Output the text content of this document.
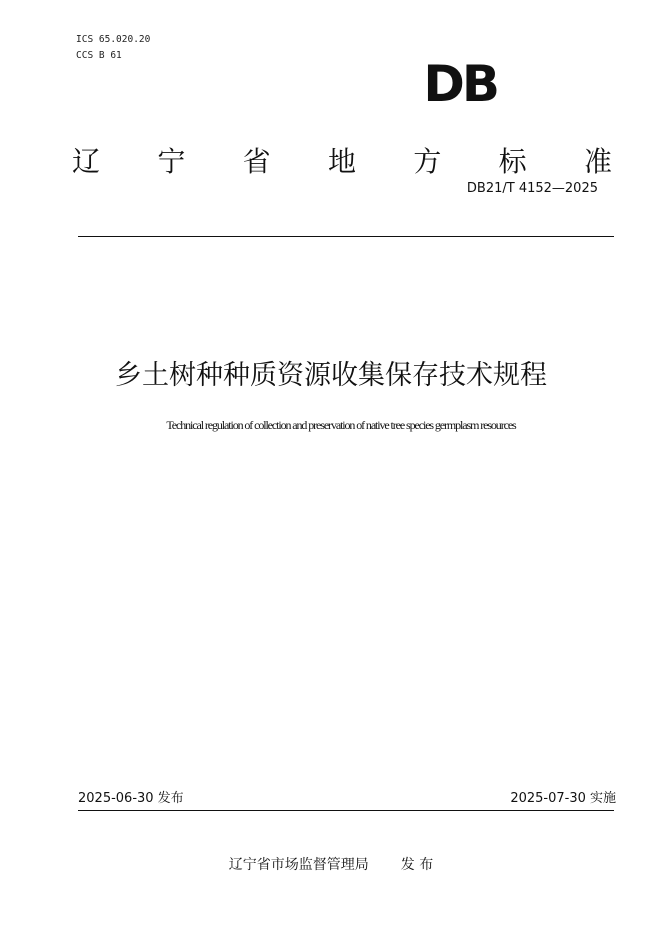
ICS 65.020.20
CCS B 61	DB
辽 宁 省 地 方 标 准
DB21/T 4152—2025
乡土树种种质资源收集保存技术规程
Technical regulation of collection and preservation of native tree species germplasm resources
2025-06-30 发布	2025-07-30 实施
辽宁省市场监督管理局 发 布
